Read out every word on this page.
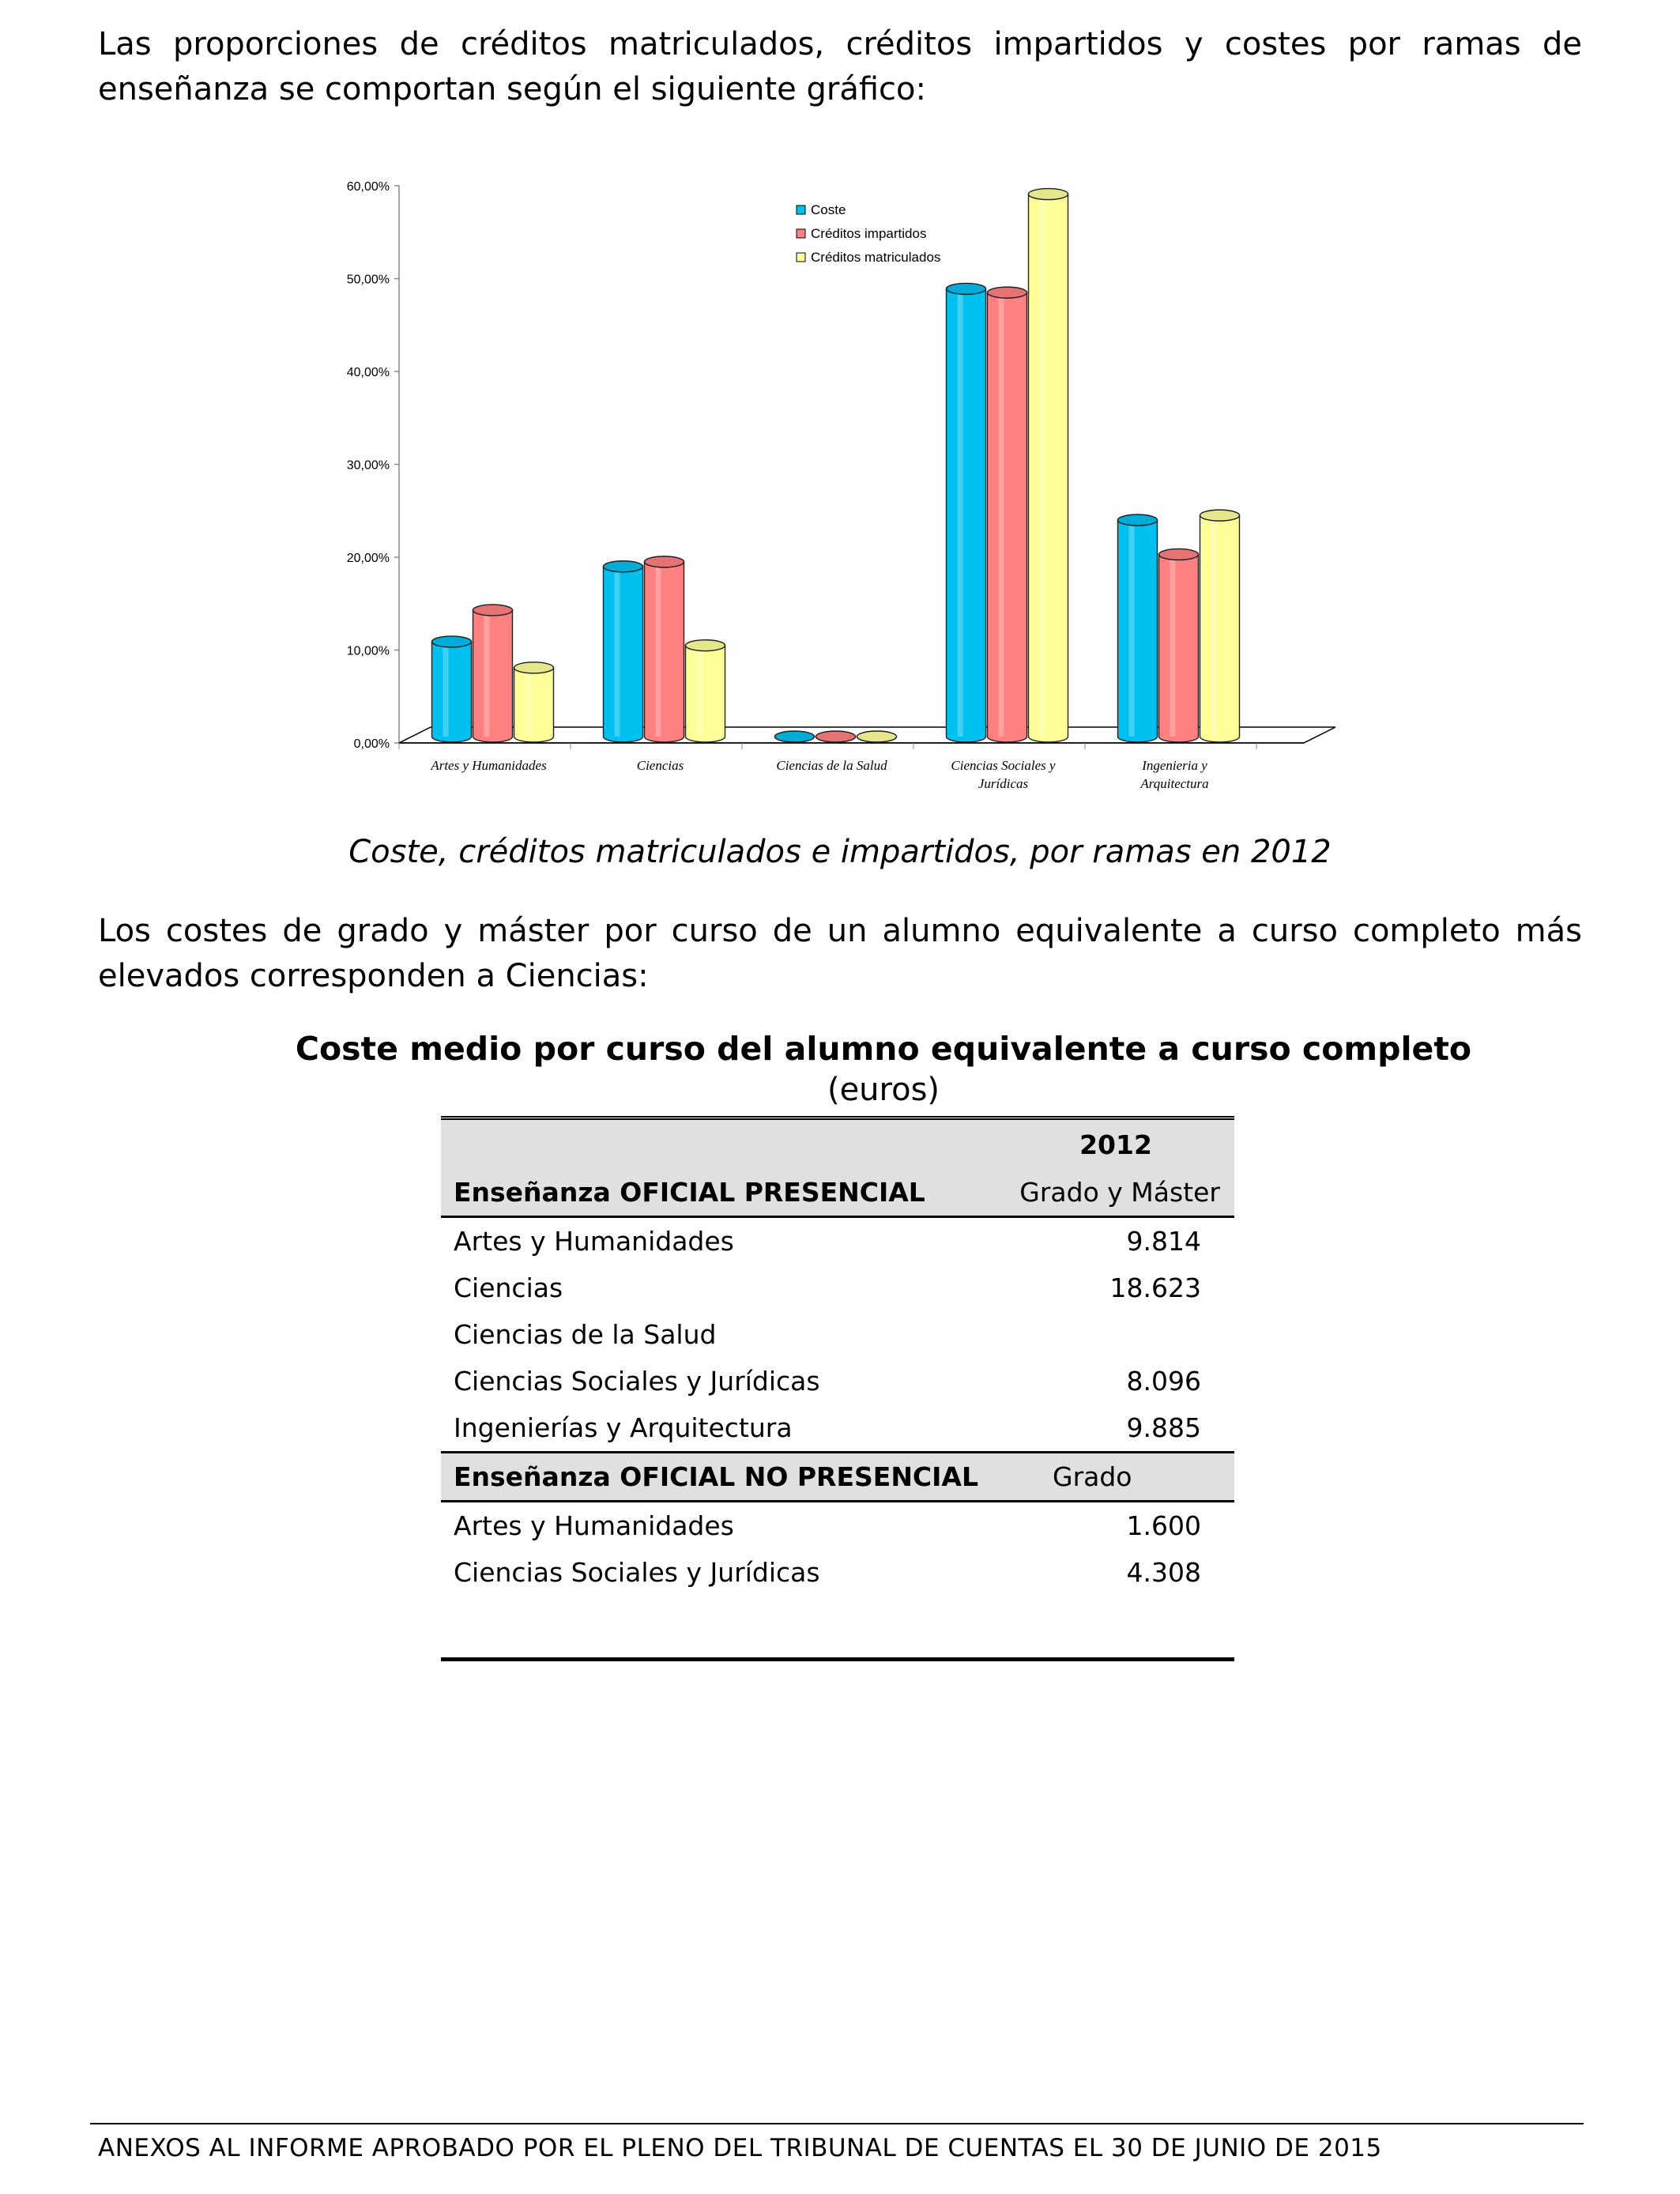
Las proporciones de créditos matriculados, créditos impartidos y costes por ramas de enseñanza se comportan según el siguiente gráfico:

0,00%
10,00%
20,00%
30,00%
40,00%
50,00%
60,00%
Artes y Humanidades	Ciencias	Ciencias de la Salud	Ciencias Sociales y
Jurídicas
Ingenieria y
Arquitectura
Coste
Créditos impartidos
Créditos matriculados

Coste, créditos matriculados e impartidos, por ramas en 2012

Los costes de grado y máster por curso de un alumno equivalente a curso completo más elevados corresponden a Ciencias:

Coste medio por curso del alumno equivalente a curso completo

(euros)

2012
Enseñanza OFICIAL PRESENCIAL	Grado y Máster
Artes y Humanidades	9.814
Ciencias	18.623
Ciencias de la Salud
Ciencias Sociales y Jurídicas	8.096
Ingenierías y Arquitectura	9.885
Enseñanza OFICIAL NO PRESENCIAL	Grado
Artes y Humanidades	1.600
Ciencias Sociales y Jurídicas	4.308

ANEXOS AL INFORME APROBADO POR EL PLENO DEL TRIBUNAL DE CUENTAS EL 30 DE JUNIO DE 2015
